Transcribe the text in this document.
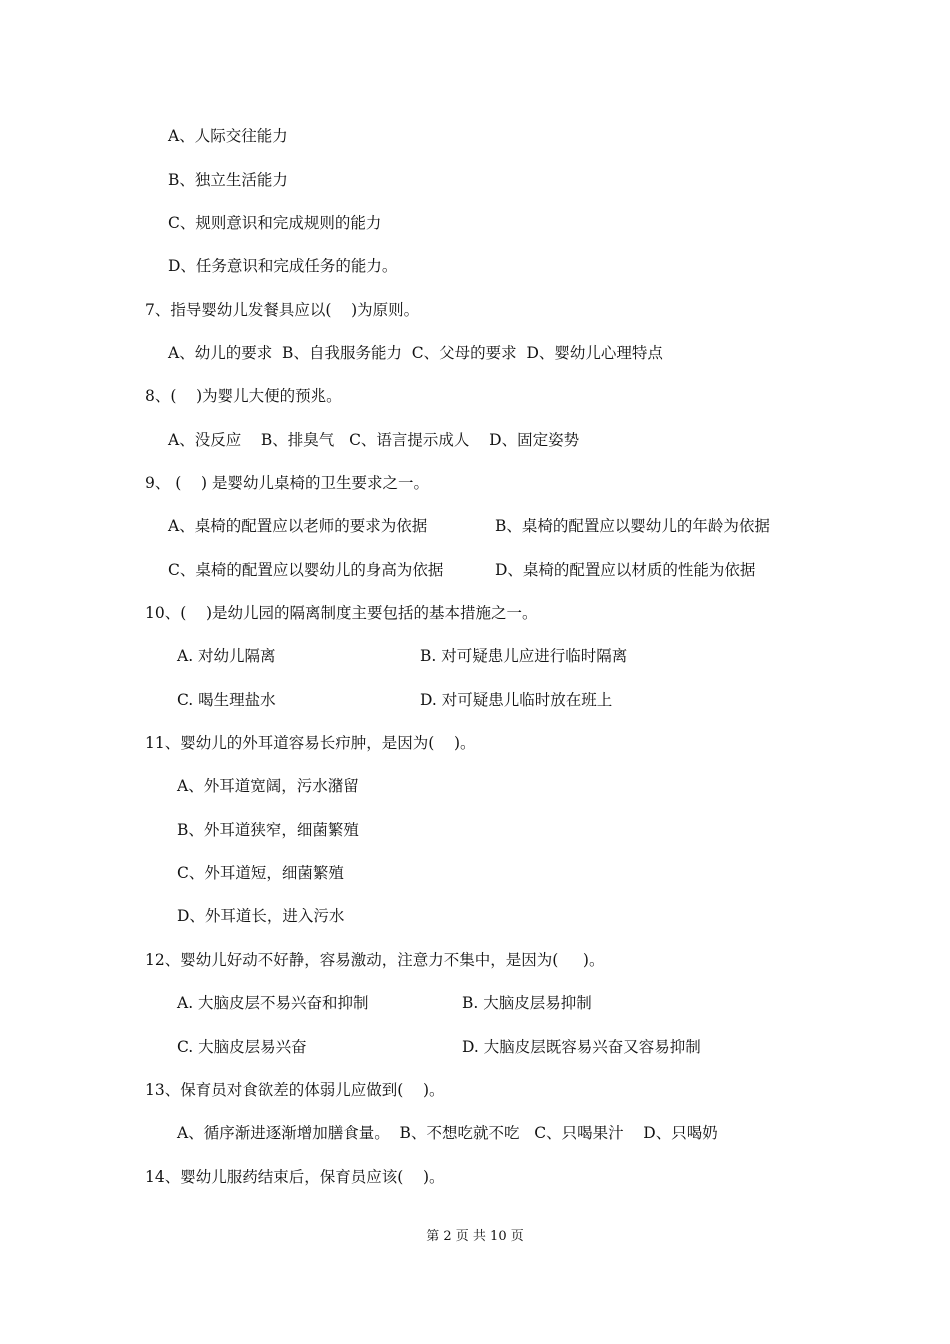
A、人际交往能力
B、独立生活能力
C、规则意识和完成规则的能力
D、任务意识和完成任务的能力。
7、指导婴幼儿发餐具应以(    )为原则。
A、幼儿的要求  B、自我服务能力  C、父母的要求  D、婴幼儿心理特点
8、(    )为婴儿大便的预兆。
A、没反应    B、排臭气   C、语言提示成人    D、固定姿势
9、 (    ) 是婴幼儿桌椅的卫生要求之一。
A、桌椅的配置应以老师的要求为依据	B、桌椅的配置应以婴幼儿的年龄为依据
C、桌椅的配置应以婴幼儿的身高为依据	D、桌椅的配置应以材质的性能为依据
10、(    )是幼儿园的隔离制度主要包括的基本措施之一。
A. 对幼儿隔离	B. 对可疑患儿应进行临时隔离
C. 喝生理盐水	D. 对可疑患儿临时放在班上
11、婴幼儿的外耳道容易长疖肿，是因为(    )。
A、外耳道宽阔，污水潴留
B、外耳道狭窄，细菌繁殖
C、外耳道短，细菌繁殖
D、外耳道长，进入污水
12、婴幼儿好动不好静，容易激动，注意力不集中，是因为(     )。
A. 大脑皮层不易兴奋和抑制	B. 大脑皮层易抑制
C. 大脑皮层易兴奋	D. 大脑皮层既容易兴奋又容易抑制
13、保育员对食欲差的体弱儿应做到(    )。
A、循序渐进逐渐增加膳食量。  B、不想吃就不吃   C、只喝果汁    D、只喝奶
14、婴幼儿服药结束后，保育员应该(    )。
第 2 页 共 10 页
